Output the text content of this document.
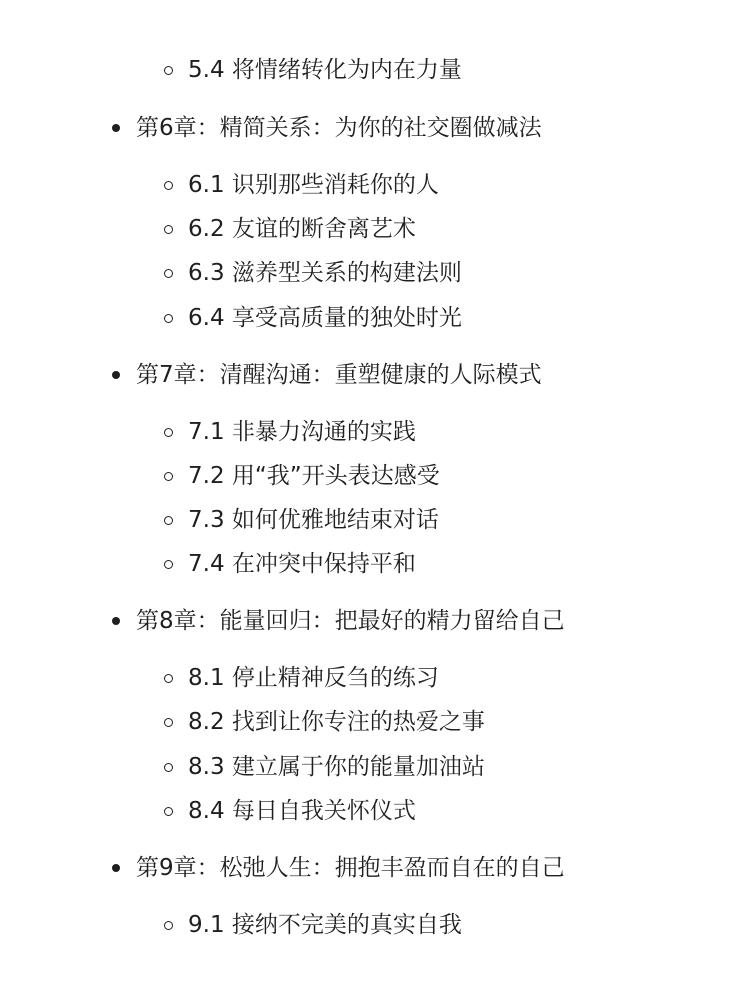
5.4 将情绪转化为内在力量
第6章：精简关系：为你的社交圈做减法
6.1 识别那些消耗你的人
6.2 友谊的断舍离艺术
6.3 滋养型关系的构建法则
6.4 享受高质量的独处时光
第7章：清醒沟通：重塑健康的人际模式
7.1 非暴力沟通的实践
7.2 用“我”开头表达感受
7.3 如何优雅地结束对话
7.4 在冲突中保持平和
第8章：能量回归：把最好的精力留给自己
8.1 停止精神反刍的练习
8.2 找到让你专注的热爱之事
8.3 建立属于你的能量加油站
8.4 每日自我关怀仪式
第9章：松弛人生：拥抱丰盈而自在的自己
9.1 接纳不完美的真实自我
